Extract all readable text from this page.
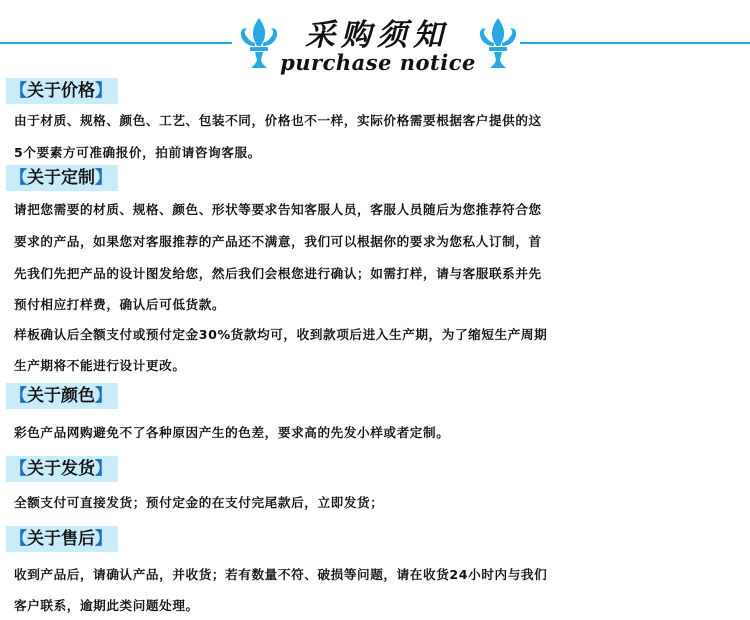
采购须知
purchase notice
【关于价格】
由于材质、规格、颜色、工艺、包装不同，价格也不一样，实际价格需要根据客户提供的这
5个要素方可准确报价，拍前请咨询客服。
【关于定制】
请把您需要的材质、规格、颜色、形状等要求告知客服人员，客服人员随后为您推荐符合您
要求的产品，如果您对客服推荐的产品还不满意，我们可以根据你的要求为您私人订制，首
先我们先把产品的设计图发给您，然后我们会根您进行确认；如需打样，请与客服联系并先
预付相应打样费，确认后可低货款。
样板确认后全额支付或预付定金30%货款均可，收到款项后进入生产期，为了缩短生产周期
生产期将不能进行设计更改。
【关于颜色】
彩色产品网购避免不了各种原因产生的色差，要求高的先发小样或者定制。
【关于发货】
全额支付可直接发货；预付定金的在支付完尾款后，立即发货；
【关于售后】
收到产品后，请确认产品，并收货；若有数量不符、破损等问题，请在收货24小时内与我们
客户联系，逾期此类问题处理。
